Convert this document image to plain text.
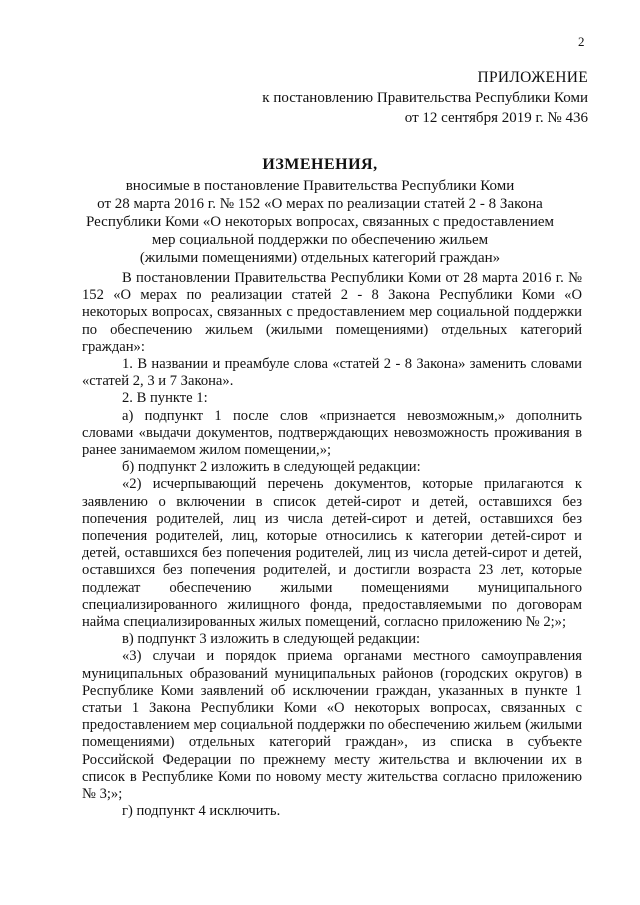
2
ПРИЛОЖЕНИЕ
к постановлению Правительства Республики Коми
от 12 сентября 2019 г. № 436
ИЗМЕНЕНИЯ,
вносимые в постановление Правительства Республики Коми
от 28 марта 2016 г. № 152 «О мерах по реализации статей 2 - 8 Закона
Республики Коми «О некоторых вопросах, связанных с предоставлением
мер социальной поддержки по обеспечению жильем
(жилыми помещениями) отдельных категорий граждан»

В постановлении Правительства Республики Коми от 28 марта 2016 г. № 152 «О мерах по реализации статей 2 - 8 Закона Республики Коми «О некоторых вопросах, связанных с предоставлением мер социальной поддержки по обеспечению жильем (жилыми помещениями) отдельных категорий граждан»:

1. В названии и преамбуле слова «статей 2 - 8 Закона» заменить словами «статей 2, 3 и 7 Закона».

2. В пункте 1:

а) подпункт 1 после слов «признается невозможным,» дополнить словами «выдачи документов, подтверждающих невозможность проживания в ранее занимаемом жилом помещении,»;

б) подпункт 2 изложить в следующей редакции:

«2) исчерпывающий перечень документов, которые прилагаются к заявлению о включении в список детей-сирот и детей, оставшихся без попечения родителей, лиц из числа детей-сирот и детей, оставшихся без попечения родителей, лиц, которые относились к категории детей-сирот и детей, оставшихся без попечения родителей, лиц из числа детей-сирот и детей, оставшихся без попечения родителей, и достигли возраста 23 лет, которые подлежат обеспечению жилыми помещениями муниципального специализированного жилищного фонда, предоставляемыми по договорам найма специализированных жилых помещений, согласно приложению № 2;»;

в) подпункт 3 изложить в следующей редакции:

«3) случаи и порядок приема органами местного самоуправления муниципальных образований муниципальных районов (городских округов) в Республике Коми заявлений об исключении граждан, указанных в пункте 1 статьи 1 Закона Республики Коми «О некоторых вопросах, связанных с предоставлением мер социальной поддержки по обеспечению жильем (жилыми помещениями) отдельных категорий граждан», из списка в субъекте Российской Федерации по прежнему месту жительства и включении их в список в Республике Коми по новому месту жительства согласно приложению № 3;»;

г) подпункт 4 исключить.
